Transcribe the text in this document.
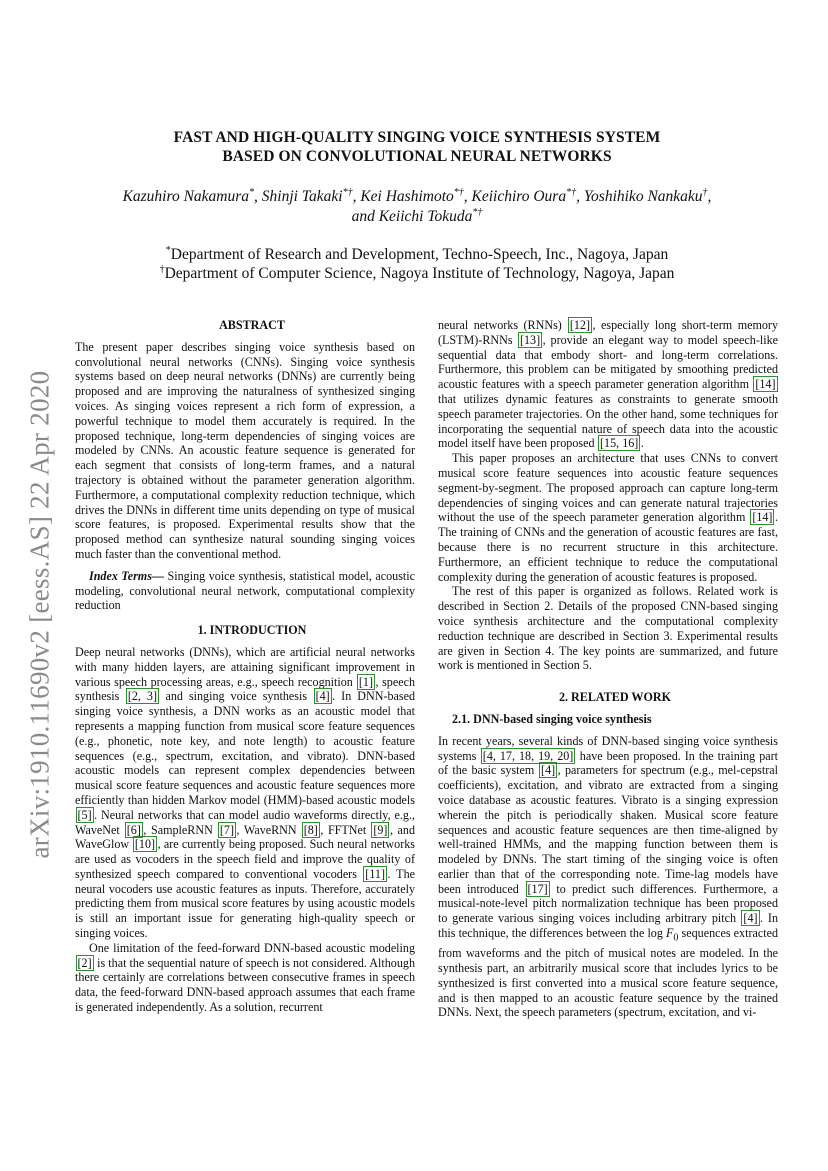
arXiv:1910.11690v2 [eess.AS] 22 Apr 2020
FAST AND HIGH-QUALITY SINGING VOICE SYNTHESIS SYSTEM
BASED ON CONVOLUTIONAL NEURAL NETWORKS
Kazuhiro Nakamura*, Shinji Takaki*†, Kei Hashimoto*†, Keiichiro Oura*†, Yoshihiko Nankaku†,
and Keiichi Tokuda*†
*Department of Research and Development, Techno-Speech, Inc., Nagoya, Japan
†Department of Computer Science, Nagoya Institute of Technology, Nagoya, Japan

ABSTRACT

The present paper describes singing voice synthesis based on convolutional neural networks (CNNs). Singing voice synthesis systems based on deep neural networks (DNNs) are currently being proposed and are improving the naturalness of synthesized singing voices. As singing voices represent a rich form of expression, a powerful technique to model them accurately is required. In the proposed technique, long-term dependencies of singing voices are modeled by CNNs. An acoustic feature sequence is generated for each segment that consists of long-term frames, and a natural trajectory is obtained without the parameter generation algorithm. Furthermore, a computational complexity reduction technique, which drives the DNNs in different time units depending on type of musical score features, is proposed. Experimental results show that the proposed method can synthesize natural sounding singing voices much faster than the conventional method.

Index Terms— Singing voice synthesis, statistical model, acoustic modeling, convolutional neural network, computational complexity reduction

1. INTRODUCTION

Deep neural networks (DNNs), which are artificial neural networks with many hidden layers, are attaining significant improvement in various speech processing areas, e.g., speech recognition [1] , speech synthesis [2, 3] and singing voice synthesis [4] . In DNN-based singing voice synthesis, a DNN works as an acoustic model that represents a mapping function from musical score feature sequences (e.g., phonetic, note key, and note length) to acoustic feature sequences (e.g., spectrum, excitation, and vibrato). DNN-based acoustic models can represent complex dependencies between musical score feature sequences and acoustic feature sequences more efficiently than hidden Markov model (HMM)-based acoustic models [5] . Neural networks that can model audio waveforms directly, e.g., WaveNet [6] , SampleRNN [7] , WaveRNN [8] , FFTNet [9] , and WaveGlow [10] , are currently being proposed. Such neural networks are used as vocoders in the speech field and improve the quality of synthesized speech compared to conventional vocoders [11] . The neural vocoders use acoustic features as inputs. Therefore, accurately predicting them from musical score features by using acoustic models is still an important issue for generating high-quality speech or singing voices.

One limitation of the feed-forward DNN-based acoustic modeling [2] is that the sequential nature of speech is not considered. Although there certainly are correlations between consecutive frames in speech data, the feed-forward DNN-based approach assumes that each frame is generated independently. As a solution, recurrent

neural networks (RNNs) [12] , especially long short-term memory (LSTM)-RNNs [13] , provide an elegant way to model speech-like sequential data that embody short- and long-term correlations. Furthermore, this problem can be mitigated by smoothing predicted acoustic features with a speech parameter generation algorithm [14] that utilizes dynamic features as constraints to generate smooth speech parameter trajectories. On the other hand, some techniques for incorporating the sequential nature of speech data into the acoustic model itself have been proposed [15, 16] .

This paper proposes an architecture that uses CNNs to convert musical score feature sequences into acoustic feature sequences segment-by-segment. The proposed approach can capture long-term dependencies of singing voices and can generate natural trajectories without the use of the speech parameter generation algorithm [14] . The training of CNNs and the generation of acoustic features are fast, because there is no recurrent structure in this architecture. Furthermore, an efficient technique to reduce the computational complexity during the generation of acoustic features is proposed.

The rest of this paper is organized as follows. Related work is described in Section 2. Details of the proposed CNN-based singing voice synthesis architecture and the computational complexity reduction technique are described in Section 3. Experimental results are given in Section 4. The key points are summarized, and future work is mentioned in Section 5.

2. RELATED WORK

2.1. DNN-based singing voice synthesis

In recent years, several kinds of DNN-based singing voice synthesis systems [4, 17, 18, 19, 20] have been proposed. In the training part of the basic system [4] , parameters for spectrum (e.g., mel-cepstral coefficients), excitation, and vibrato are extracted from a singing voice database as acoustic features. Vibrato is a singing expression wherein the pitch is periodically shaken. Musical score feature sequences and acoustic feature sequences are then time-aligned by well-trained HMMs, and the mapping function between them is modeled by DNNs. The start timing of the singing voice is often earlier than that of the corresponding note. Time-lag models have been introduced [17] to predict such differences. Furthermore, a musical-note-level pitch normalization technique has been proposed to generate various singing voices including arbitrary pitch [4] . In this technique, the differences between the $\log F_0$ sequences extracted from waveforms and the pitch of musical notes are modeled. In the synthesis part, an arbitrarily musical score that includes lyrics to be synthesized is first converted into a musical score feature sequence, and is then mapped to an acoustic feature sequence by the trained DNNs. Next, the speech parameters (spectrum, excitation, and vi-
